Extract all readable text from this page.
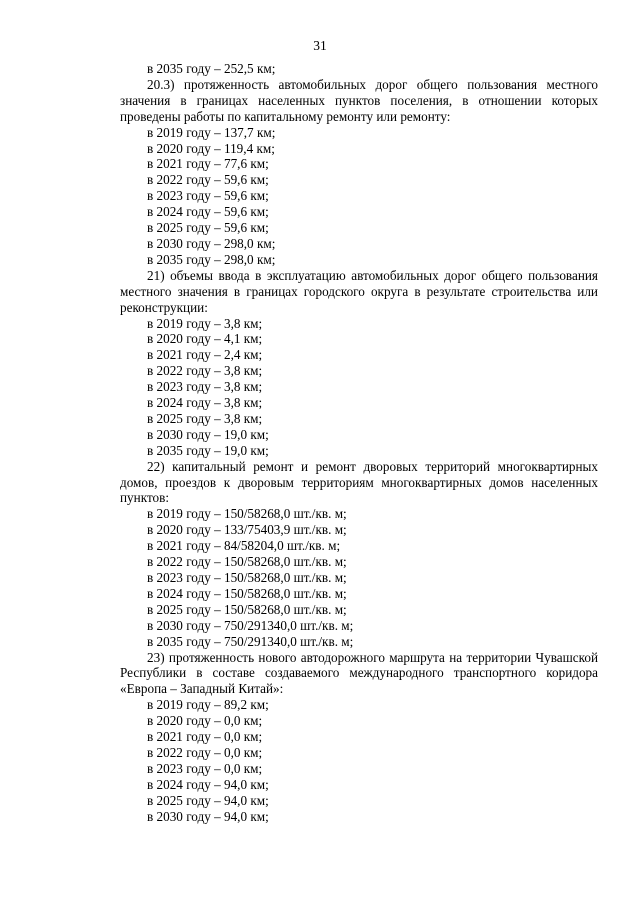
31
в 2035 году – 252,5 км;
20.3) протяженность автомобильных дорог общего пользования местного значения в границах населенных пунктов поселения, в отношении которых проведены работы по капитальному ремонту или ремонту:
в 2019 году – 137,7 км;
в 2020 году – 119,4 км;
в 2021 году – 77,6 км;
в 2022 году – 59,6 км;
в 2023 году – 59,6 км;
в 2024 году – 59,6 км;
в 2025 году – 59,6 км;
в 2030 году – 298,0 км;
в 2035 году – 298,0 км;
21) объемы ввода в эксплуатацию автомобильных дорог общего пользования местного значения в границах городского округа в результате строительства или реконструкции:
в 2019 году – 3,8 км;
в 2020 году – 4,1 км;
в 2021 году – 2,4 км;
в 2022 году – 3,8 км;
в 2023 году – 3,8 км;
в 2024 году – 3,8 км;
в 2025 году – 3,8 км;
в 2030 году – 19,0 км;
в 2035 году – 19,0 км;
22) капитальный ремонт и ремонт дворовых территорий многоквартирных домов, проездов к дворовым территориям многоквартирных домов населенных пунктов:
в 2019 году – 150/58268,0 шт./кв. м;
в 2020 году – 133/75403,9 шт./кв. м;
в 2021 году – 84/58204,0 шт./кв. м;
в 2022 году – 150/58268,0 шт./кв. м;
в 2023 году – 150/58268,0 шт./кв. м;
в 2024 году – 150/58268,0 шт./кв. м;
в 2025 году – 150/58268,0 шт./кв. м;
в 2030 году – 750/291340,0 шт./кв. м;
в 2035 году – 750/291340,0 шт./кв. м;
23) протяженность нового автодорожного маршрута на территории Чувашской Республики в составе создаваемого международного транспортного коридора «Европа – Западный Китай»:
в 2019 году – 89,2 км;
в 2020 году – 0,0 км;
в 2021 году – 0,0 км;
в 2022 году – 0,0 км;
в 2023 году – 0,0 км;
в 2024 году – 94,0 км;
в 2025 году – 94,0 км;
в 2030 году – 94,0 км;
